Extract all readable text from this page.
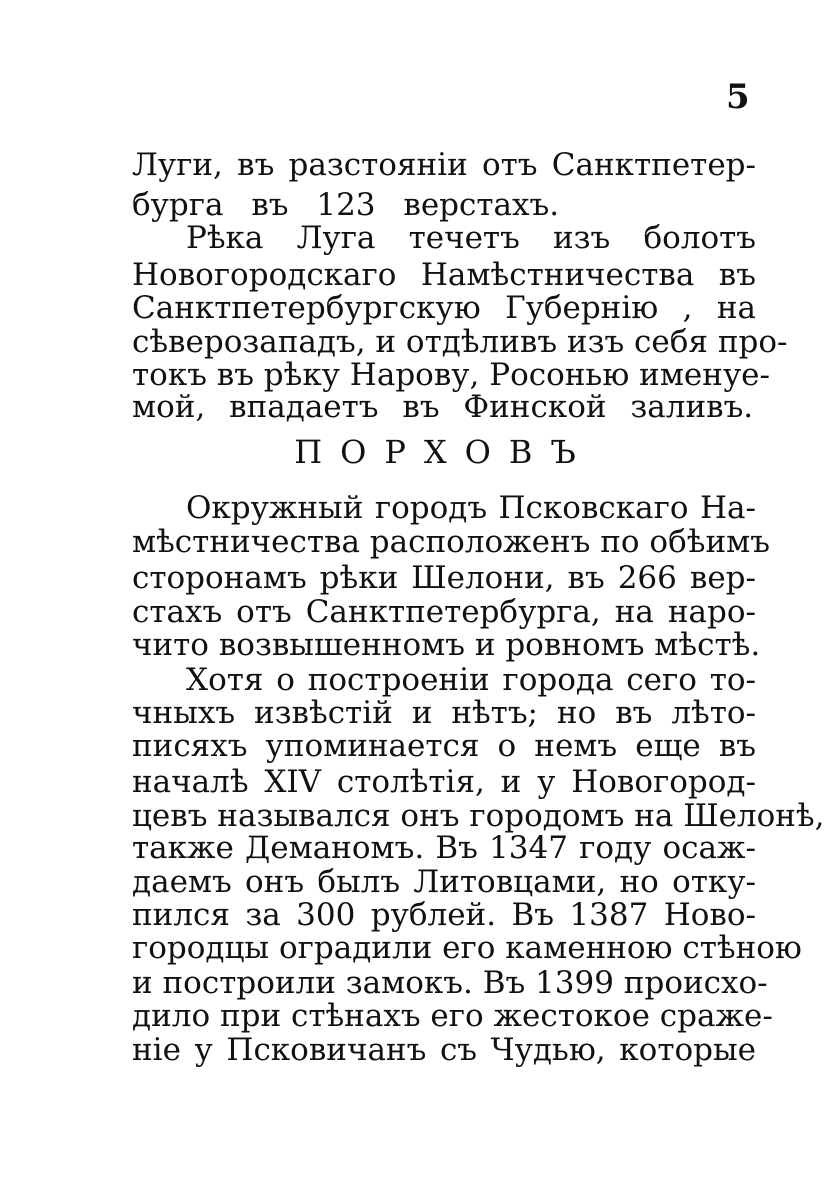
5
Луги, въ разстояніи отъ Санктпетер-
бурга въ 123 верстахъ.
Рѣка Луга течетъ изъ болотъ
Новогородскаго Намѣстничества въ
Санктпетербургскую Губернію , на
сѣверозападъ, и отдѣливъ изъ себя про-
токъ въ рѣку Нарову, Росонью именуе-
мой, впадаетъ въ Финской заливъ.
ПОРХОВЪ
Окружный городъ Псковскаго На-
мѣстничества расположенъ по обѣимъ
сторонамъ рѣки Шелони, въ 266 вер-
стахъ отъ Санктпетербурга, на наро-
чито возвышенномъ и ровномъ мѣстѣ.
Хотя о построеніи города сего то-
чныхъ извѣстій и нѣтъ; но въ лѣто-
писяхъ упоминается о немъ еще въ
началѣ XIV столѣтія, и у Новогород-
цевъ назывался онъ городомъ на Шелонѣ,
также Деманомъ. Въ 1347 году осаж-
даемъ онъ былъ Литовцами, но отку-
пился за 300 рублей. Въ 1387 Ново-
городцы оградили его каменною стѣною
и построили замокъ. Въ 1399 происхо-
дило при стѣнахъ его жестокое сраже-
ніе у Псковичанъ съ Чудью, которые
